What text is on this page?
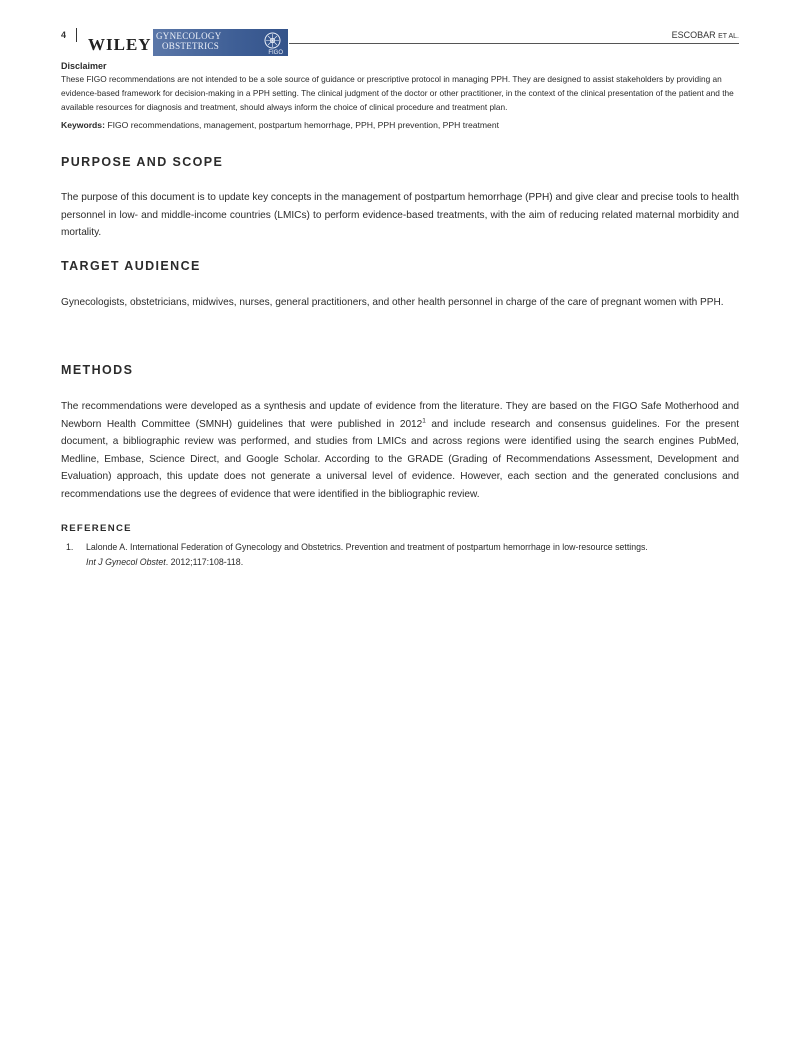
4 WILEY GYNECOLOGY
OBSTETRICS
FIGO
ESCOBAR ET AL.

Disclaimer

These FIGO recommendations are not intended to be a sole source of guidance or prescriptive protocol in managing PPH. They are designed to assist stakeholders by providing an evidence-based framework for decision-making in a PPH setting. The clinical judgment of the doctor or other practitioner, in the context of the clinical presentation of the patient and the available resources for diagnosis and treatment, should always inform the choice of clinical procedure and treatment plan.

Keywords: FIGO recommendations, management, postpartum hemorrhage, PPH, PPH prevention, PPH treatment

PURPOSE AND SCOPE

The purpose of this document is to update key concepts in the management of postpartum hemorrhage (PPH) and give clear and precise tools to health personnel in low- and middle-income countries (LMICs) to perform evidence-based treatments, with the aim of reducing related maternal morbidity and mortality.

TARGET AUDIENCE

Gynecologists, obstetricians, midwives, nurses, general practitioners, and other health personnel in charge of the care of pregnant women with PPH.

METHODS

The recommendations were developed as a synthesis and update of evidence from the literature. They are based on the FIGO Safe Motherhood and Newborn Health Committee (SMNH) guidelines that were published in 2012$^1$ and include research and consensus guidelines. For the present document, a bibliographic review was performed, and studies from LMICs and across regions were identified using the search engines PubMed, Medline, Embase, Science Direct, and Google Scholar. According to the GRADE (Grading of Recommendations Assessment, Development and Evaluation) approach, this update does not generate a universal level of evidence. However, each section and the generated conclusions and recommendations use the degrees of evidence that were identified in the bibliographic review.

REFERENCE
1. Lalonde A. International Federation of Gynecology and Obstetrics. Prevention and treatment of postpartum hemorrhage in low-resource settings.
Int J Gynecol Obstet. 2012;117:108-118.
